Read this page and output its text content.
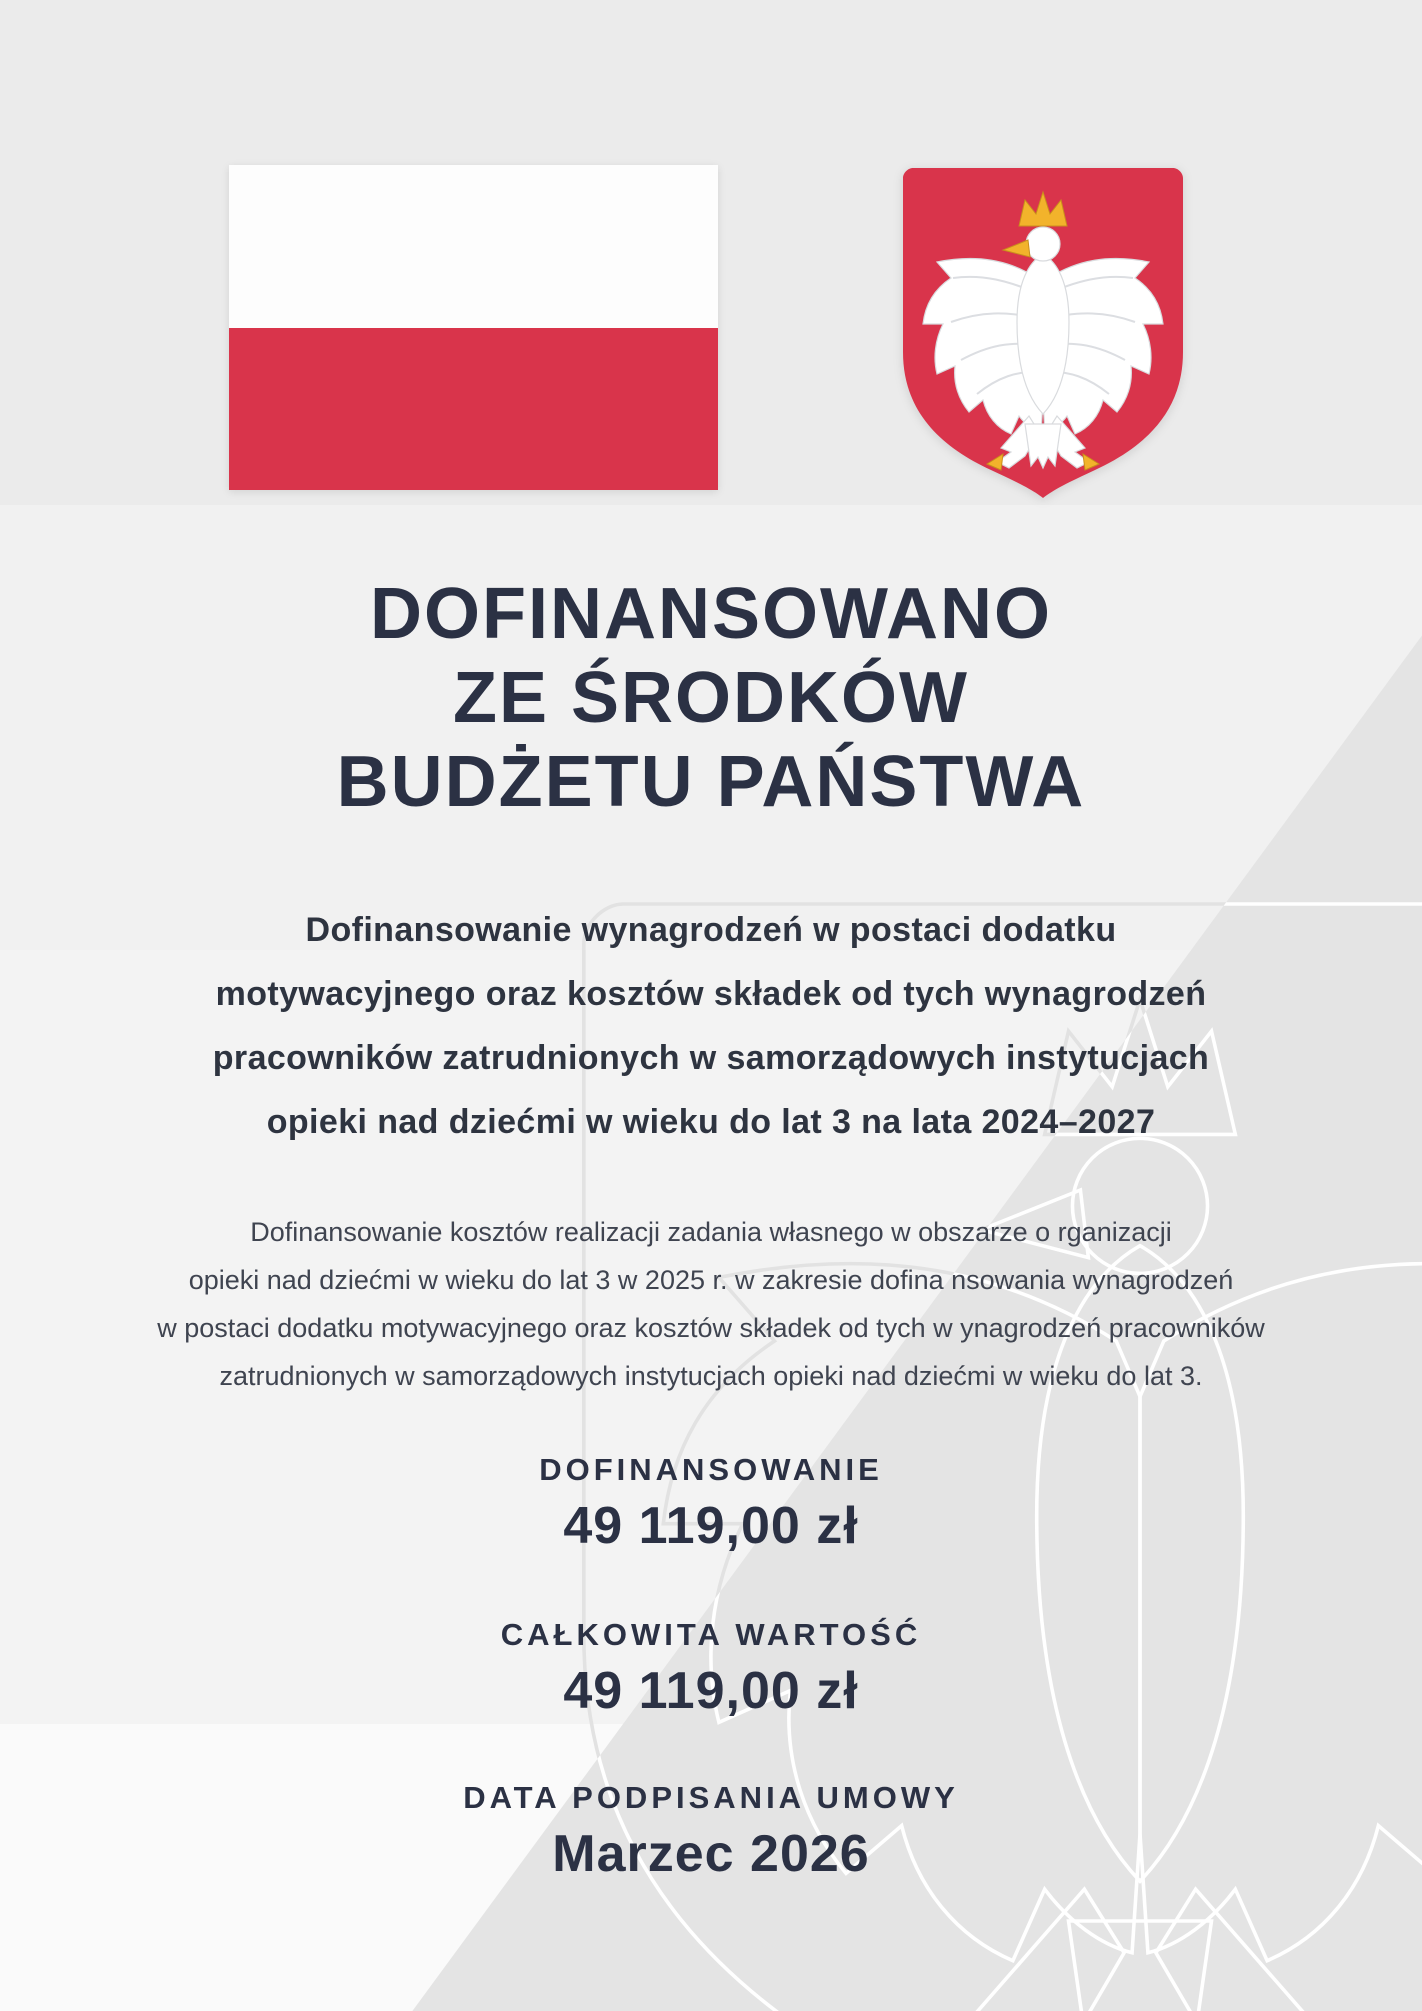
DOFINANSOWANO
ZE ŚRODKÓW
BUDŻETU PAŃSTWA
Dofinansowanie wynagrodzeń w postaci dodatku
motywacyjnego oraz kosztów składek od tych wynagrodzeń
pracowników zatrudnionych w samorządowych instytucjach
opieki nad dziećmi w wieku do lat 3 na lata 2024–2027
Dofinansowanie kosztów realizacji zadania własnego w obszarze o rganizacji
opieki nad dziećmi w wieku do lat 3 w 2025 r. w zakresie dofina nsowania wynagrodzeń
w postaci dodatku motywacyjnego oraz kosztów składek od tych w ynagrodzeń pracowników
zatrudnionych w samorządowych instytucjach opieki nad dziećmi w wieku do lat 3.
DOFINANSOWANIE
49 119,00 zł
CAŁKOWITA WARTOŚĆ
49 119,00 zł
DATA PODPISANIA UMOWY
Marzec 2026
